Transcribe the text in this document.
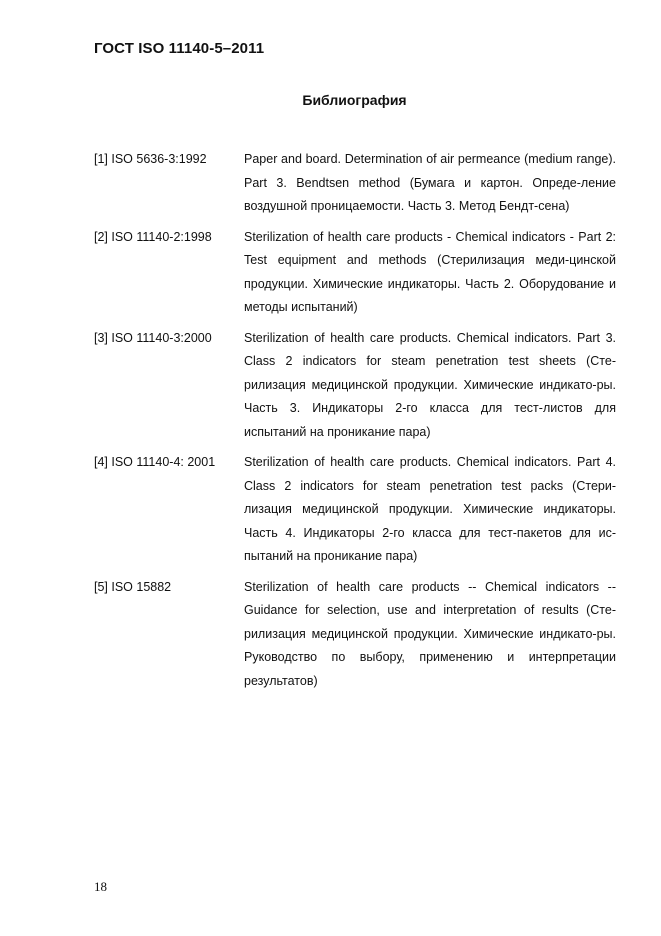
ГОСТ ISO 11140-5–2011
Библиография
[1] ISO 5636-3:1992	Paper and board. Determination of air permeance (medium range). Part 3. Bendtsen method (Бумага и картон. Опреде-ление воздушной проницаемости. Часть 3. Метод Бендт-сена)
[2] ISO 11140-2:1998	Sterilization of health care products - Chemical indicators - Part 2: Test equipment and methods (Стерилизация меди-цинской продукции. Химические индикаторы. Часть 2. Оборудование и методы испытаний)
[3] ISO 11140-3:2000	Sterilization of health care products. Chemical indicators. Part 3. Class 2 indicators for steam penetration test sheets (Сте-рилизация медицинской продукции. Химические индикато-ры. Часть 3. Индикаторы 2-го класса для тест-листов для испытаний на проникание пара)
[4] ISO 11140-4: 2001	Sterilization of health care products. Chemical indicators. Part 4. Class 2 indicators for steam penetration test packs (Стери-лизация медицинской продукции. Химические индикаторы. Часть 4. Индикаторы 2-го класса для тест-пакетов для ис-пытаний на проникание пара)
[5] ISO 15882	Sterilization of health care products -- Chemical indicators -- Guidance for selection, use and interpretation of results (Сте-рилизация медицинской продукции. Химические индикато-ры. Руководство по выбору, применению и интерпретации результатов)
18
